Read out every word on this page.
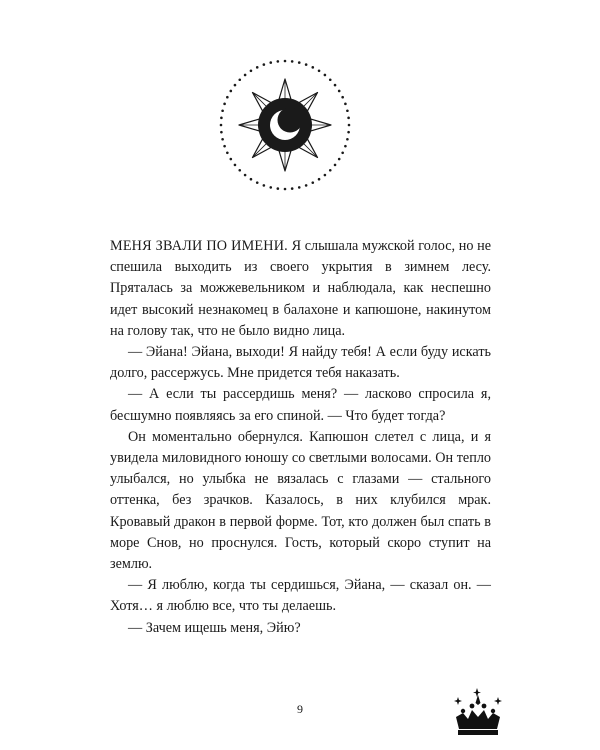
МЕНЯ ЗВАЛИ ПО ИМЕНИ. Я слышала мужской голос, но не спешила выходить из своего укрытия в зимнем лесу. Пряталась за можжевельником и наблюдала, как неспешно идет высокий незнакомец в балахоне и капюшоне, накинутом на голову так, что не было видно лица.

— Эйана! Эйана, выходи! Я найду тебя! А если буду искать долго, рассержусь. Мне придется тебя наказать.

— А если ты рассердишь меня? — ласково спросила я, бесшумно появляясь за его спиной. — Что будет тогда?

Он моментально обернулся. Капюшон слетел с лица, и я увидела миловидного юношу со светлыми волосами. Он тепло улыбался, но улыбка не вязалась с глазами — стального оттенка, без зрачков. Казалось, в них клубился мрак. Кровавый дракон в первой форме. Тот, кто должен был спать в море Снов, но проснулся. Гость, который скоро ступит на землю.

— Я люблю, когда ты сердишься, Эйана, — сказал он. — Хотя… я люблю все, что ты делаешь.

— Зачем ищешь меня, Эйю?

9
